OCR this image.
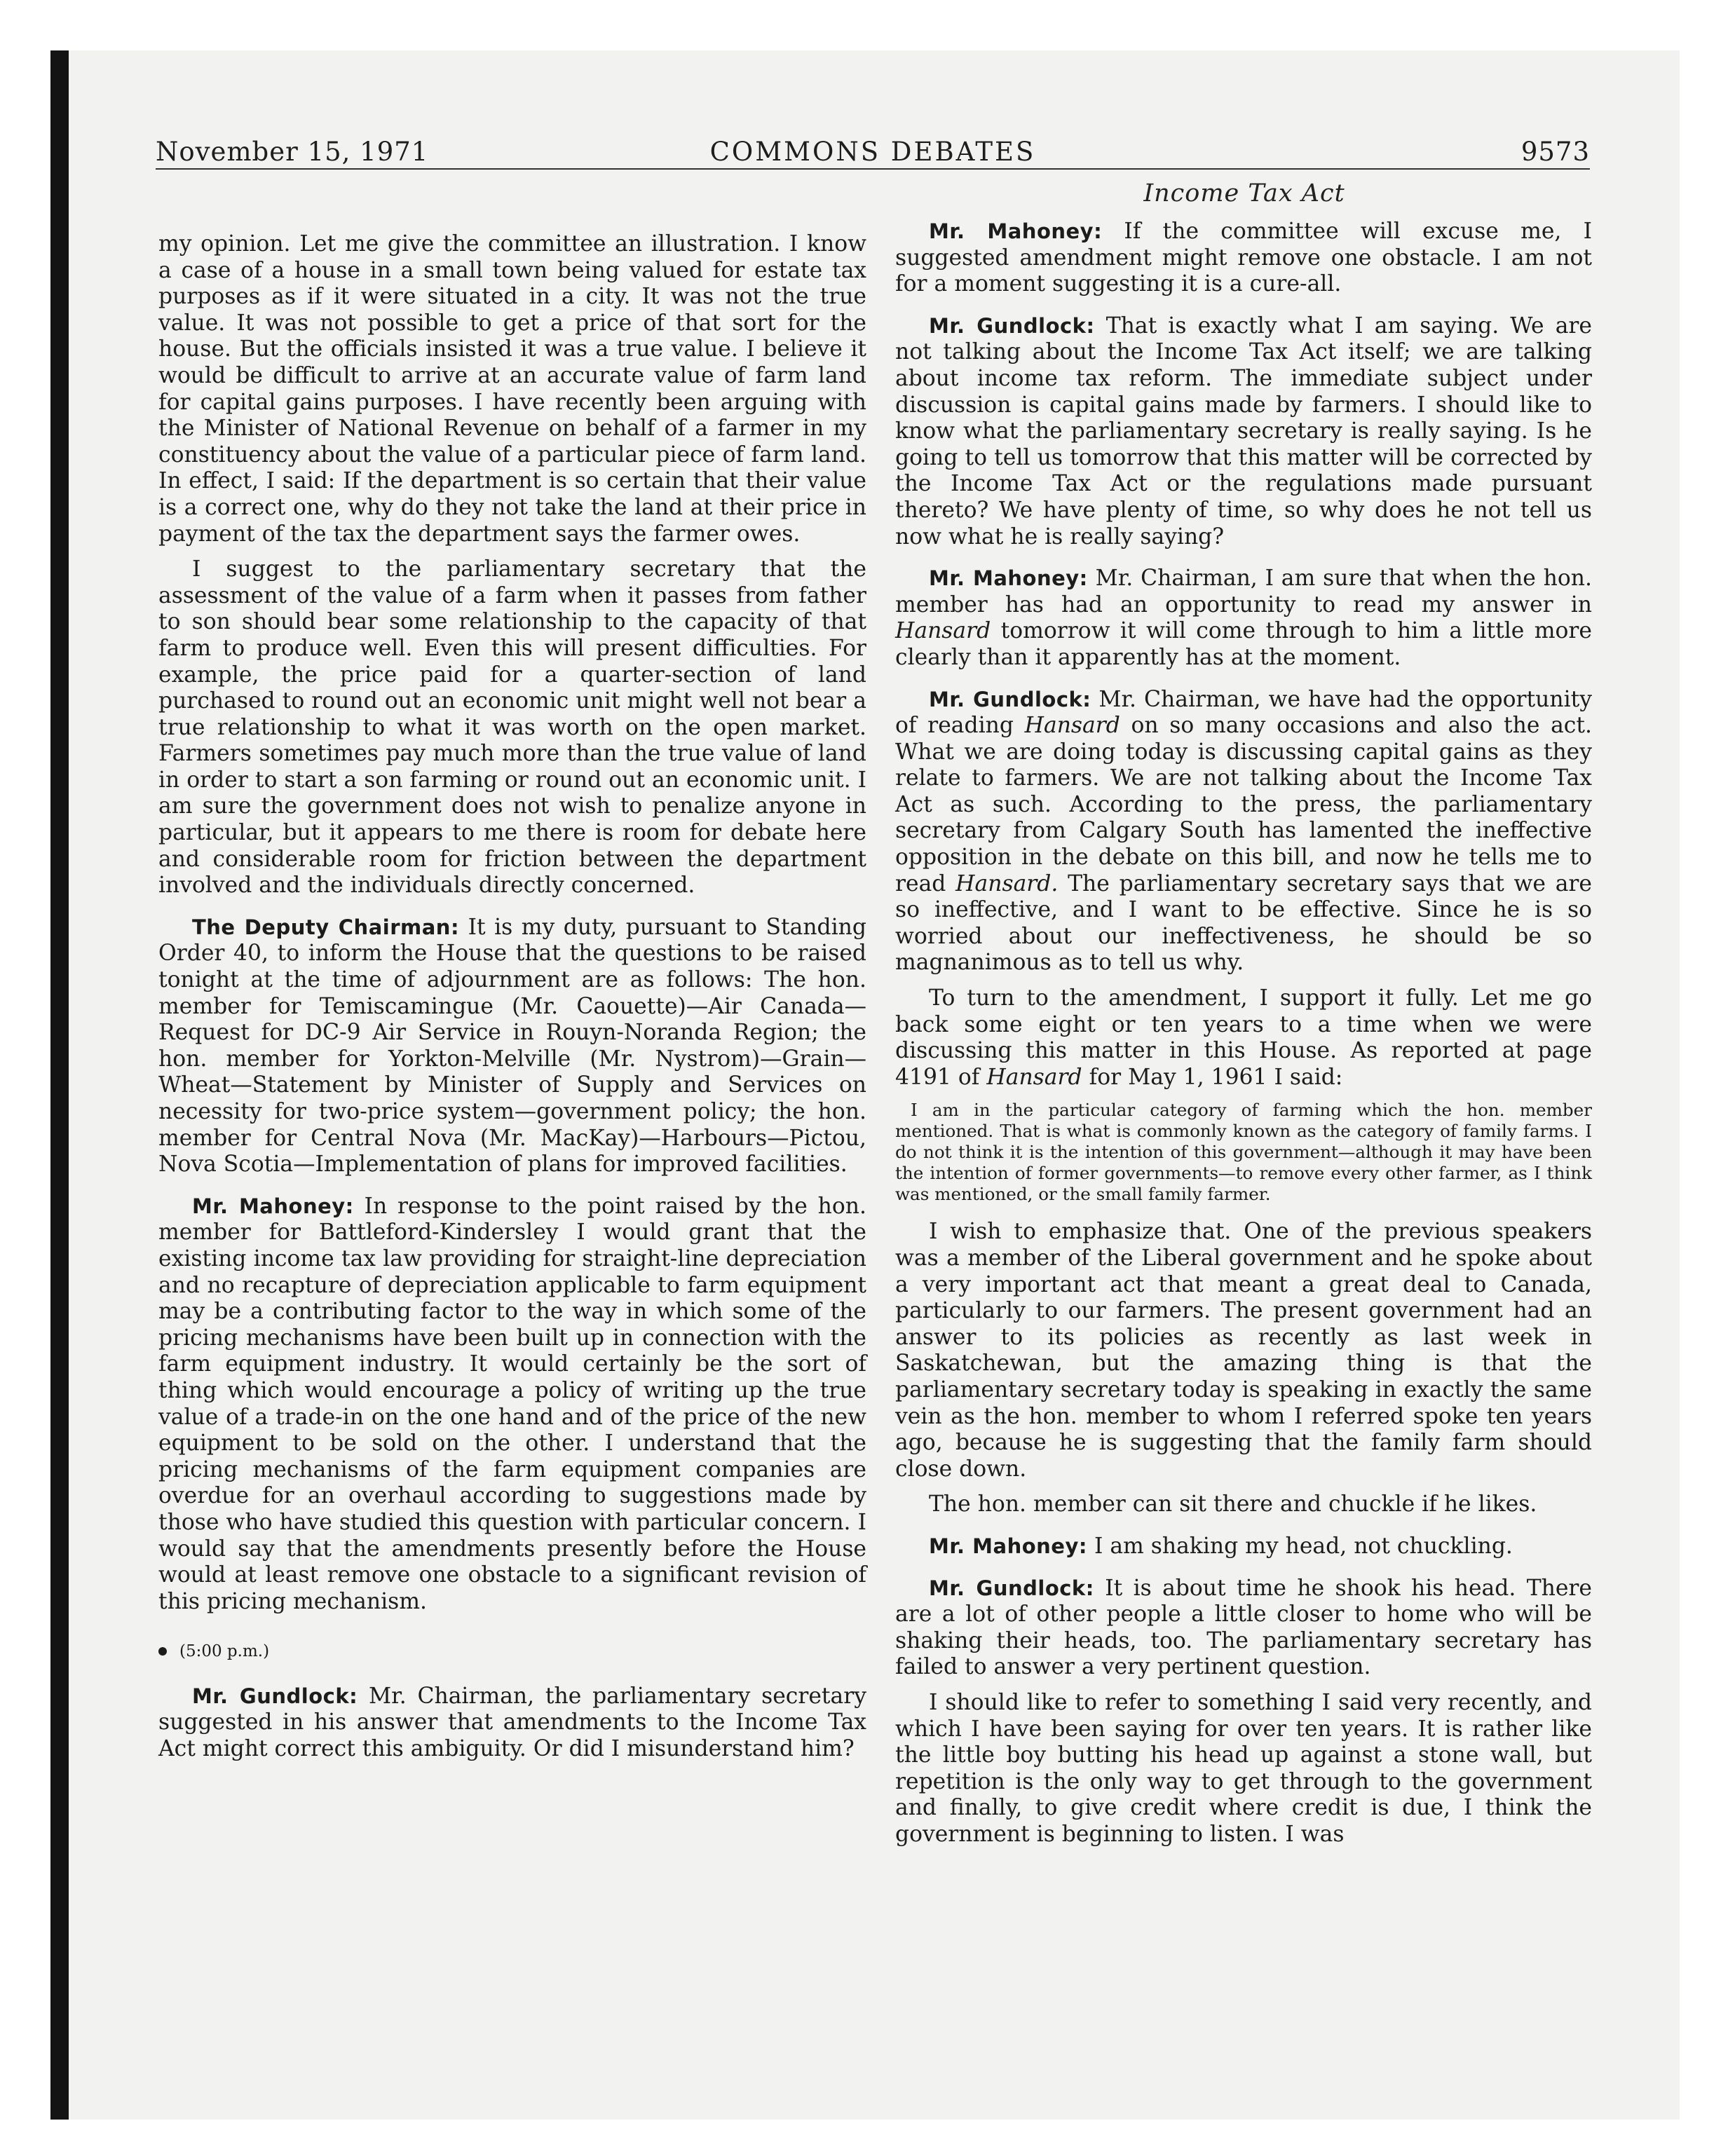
November 15, 1971	COMMONS DEBATES	9573
Income Tax Act

my opinion. Let me give the committee an illustration. I know a case of a house in a small town being valued for estate tax purposes as if it were situated in a city. It was not the true value. It was not possible to get a price of that sort for the house. But the officials insisted it was a true value. I believe it would be difficult to arrive at an accurate value of farm land for capital gains purposes. I have recently been arguing with the Minister of National Revenue on behalf of a farmer in my constituency about the value of a particular piece of farm land. In effect, I said: If the department is so certain that their value is a correct one, why do they not take the land at their price in payment of the tax the department says the farmer owes.

I suggest to the parliamentary secretary that the assessment of the value of a farm when it passes from father to son should bear some relationship to the capacity of that farm to produce well. Even this will present difficulties. For example, the price paid for a quarter-section of land purchased to round out an economic unit might well not bear a true relationship to what it was worth on the open market. Farmers sometimes pay much more than the true value of land in order to start a son farming or round out an economic unit. I am sure the government does not wish to penalize anyone in particular, but it appears to me there is room for debate here and considerable room for friction between the department involved and the individuals directly concerned.

The Deputy Chairman: It is my duty, pursuant to Standing Order 40, to inform the House that the questions to be raised tonight at the time of adjournment are as follows: The hon. member for Temiscamingue (Mr. Caouette)—Air Canada—Request for DC-9 Air Service in Rouyn-Noranda Region; the hon. member for Yorkton-Melville (Mr. Nystrom)—Grain—Wheat—Statement by Minister of Supply and Services on necessity for two-price system—government policy; the hon. member for Central Nova (Mr. MacKay)—Harbours—Pictou, Nova Scotia—Implementation of plans for improved facilities.

Mr. Mahoney: In response to the point raised by the hon. member for Battleford-Kindersley I would grant that the existing income tax law providing for straight-line depreciation and no recapture of depreciation applicable to farm equipment may be a contributing factor to the way in which some of the pricing mechanisms have been built up in connection with the farm equipment industry. It would certainly be the sort of thing which would encourage a policy of writing up the true value of a trade-in on the one hand and of the price of the new equipment to be sold on the other. I understand that the pricing mechanisms of the farm equipment companies are overdue for an overhaul according to suggestions made by those who have studied this question with particular concern. I would say that the amendments presently before the House would at least remove one obstacle to a significant revision of this pricing mechanism.

(5:00 p.m.)

Mr. Gundlock: Mr. Chairman, the parliamentary secretary suggested in his answer that amendments to the Income Tax Act might correct this ambiguity. Or did I misunderstand him?

Mr. Mahoney: If the committee will excuse me, I suggested amendment might remove one obstacle. I am not for a moment suggesting it is a cure-all.

Mr. Gundlock: That is exactly what I am saying. We are not talking about the Income Tax Act itself; we are talking about income tax reform. The immediate subject under discussion is capital gains made by farmers. I should like to know what the parliamentary secretary is really saying. Is he going to tell us tomorrow that this matter will be corrected by the Income Tax Act or the regulations made pursuant thereto? We have plenty of time, so why does he not tell us now what he is really saying?

Mr. Mahoney: Mr. Chairman, I am sure that when the hon. member has had an opportunity to read my answer in Hansard tomorrow it will come through to him a little more clearly than it apparently has at the moment.

Mr. Gundlock: Mr. Chairman, we have had the opportunity of reading Hansard on so many occasions and also the act. What we are doing today is discussing capital gains as they relate to farmers. We are not talking about the Income Tax Act as such. According to the press, the parliamentary secretary from Calgary South has lamented the ineffective opposition in the debate on this bill, and now he tells me to read Hansard. The parliamentary secretary says that we are so ineffective, and I want to be effective. Since he is so worried about our ineffectiveness, he should be so magnanimous as to tell us why.

To turn to the amendment, I support it fully. Let me go back some eight or ten years to a time when we were discussing this matter in this House. As reported at page 4191 of Hansard for May 1, 1961 I said:

I am in the particular category of farming which the hon. member mentioned. That is what is commonly known as the category of family farms. I do not think it is the intention of this government—although it may have been the intention of former governments—to remove every other farmer, as I think was mentioned, or the small family farmer.

I wish to emphasize that. One of the previous speakers was a member of the Liberal government and he spoke about a very important act that meant a great deal to Canada, particularly to our farmers. The present government had an answer to its policies as recently as last week in Saskatchewan, but the amazing thing is that the parliamentary secretary today is speaking in exactly the same vein as the hon. member to whom I referred spoke ten years ago, because he is suggesting that the family farm should close down.

The hon. member can sit there and chuckle if he likes.

Mr. Mahoney: I am shaking my head, not chuckling.

Mr. Gundlock: It is about time he shook his head. There are a lot of other people a little closer to home who will be shaking their heads, too. The parliamentary secretary has failed to answer a very pertinent question.

I should like to refer to something I said very recently, and which I have been saying for over ten years. It is rather like the little boy butting his head up against a stone wall, but repetition is the only way to get through to the government and finally, to give credit where credit is due, I think the government is beginning to listen. I was
